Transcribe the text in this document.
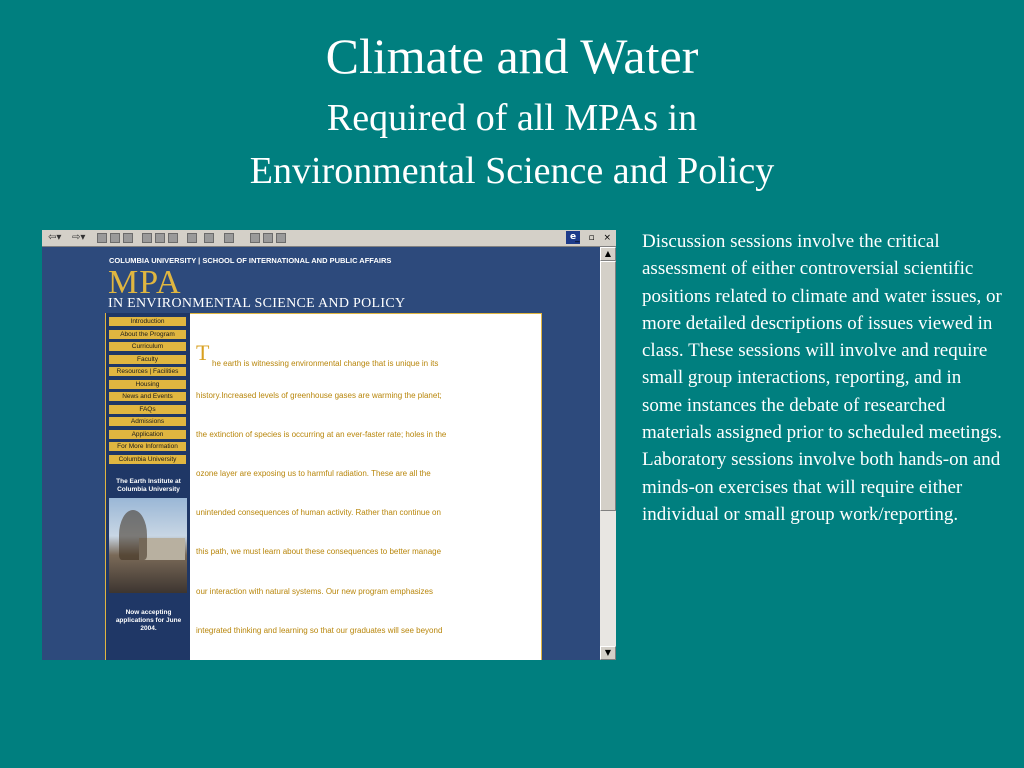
Climate and Water
Required of all MPAs in
Environmental Science and Policy
⇦▾ ⇨▾	e _ ▫ ×
COLUMBIA UNIVERSITY | SCHOOL OF INTERNATIONAL AND PUBLIC AFFAIRS
MPA
IN ENVIRONMENTAL SCIENCE AND POLICY
Introduction
About the Program
Curriculum
Faculty
Resources | Facilities
Housing
News and Events
FAQs
Admissions
Application
For More Information
Columbia University
The Earth Institute at
Columbia University
Now accepting
applications for June
2004.
T he earth is witnessing environmental change that is unique in its
history.Increased levels of greenhouse gases are warming the planet;
the extinction of species is occurring at an ever-faster rate; holes in the
ozone layer are exposing us to harmful radiation. These are all the
unintended consequences of human activity. Rather than continue on
this path, we must learn about these consequences to better manage
our interaction with natural systems. Our new program emphasizes
integrated thinking and learning so that our graduates will see beyond
▲
▼

Discussion sessions involve the critical assessment of either controversial scientific positions related to climate and water issues, or more detailed descriptions of issues viewed in class. These sessions will involve and require small group interactions, reporting, and in some instances the debate of researched materials assigned prior to scheduled meetings.

Laboratory sessions involve both hands-on and minds-on exercises that will require either individual or small group work/reporting.
